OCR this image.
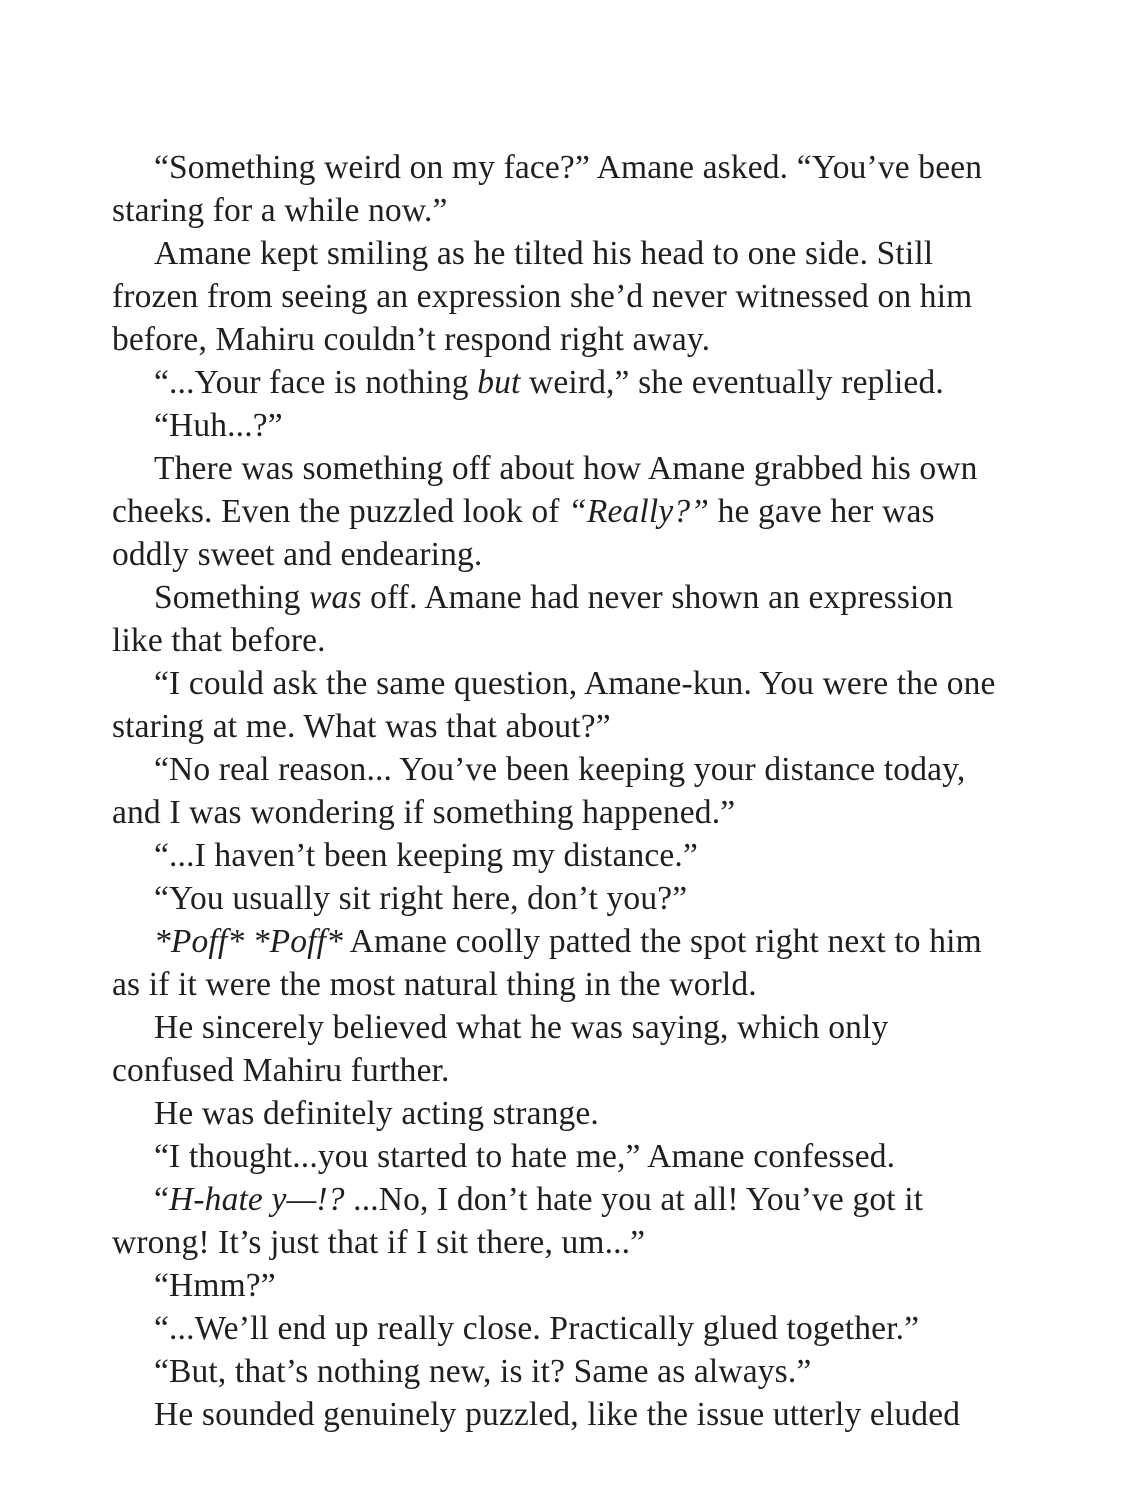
“Something weird on my face?” Amane asked. “You’ve been staring for a while now.”

Amane kept smiling as he tilted his head to one side. Still frozen from seeing an expression she’d never witnessed on him before, Mahiru couldn’t respond right away.

“...Your face is nothing but weird,” she eventually replied.

“Huh...?”

There was something off about how Amane grabbed his own cheeks. Even the puzzled look of “Really?” he gave her was oddly sweet and endearing.

Something was off. Amane had never shown an expression like that before.

“I could ask the same question, Amane-kun. You were the one staring at me. What was that about?”

“No real reason... You’ve been keeping your distance today, and I was wondering if something happened.”

“...I haven’t been keeping my distance.”

“You usually sit right here, don’t you?”

*Poff* *Poff* Amane coolly patted the spot right next to him as if it were the most natural thing in the world.

He sincerely believed what he was saying, which only confused Mahiru further.

He was definitely acting strange.

“I thought...you started to hate me,” Amane confessed.

“H-hate y—!? ...No, I don’t hate you at all! You’ve got it wrong! It’s just that if I sit there, um...”

“Hmm?”

“...We’ll end up really close. Practically glued together.”

“But, that’s nothing new, is it? Same as always.”

He sounded genuinely puzzled, like the issue utterly eluded
